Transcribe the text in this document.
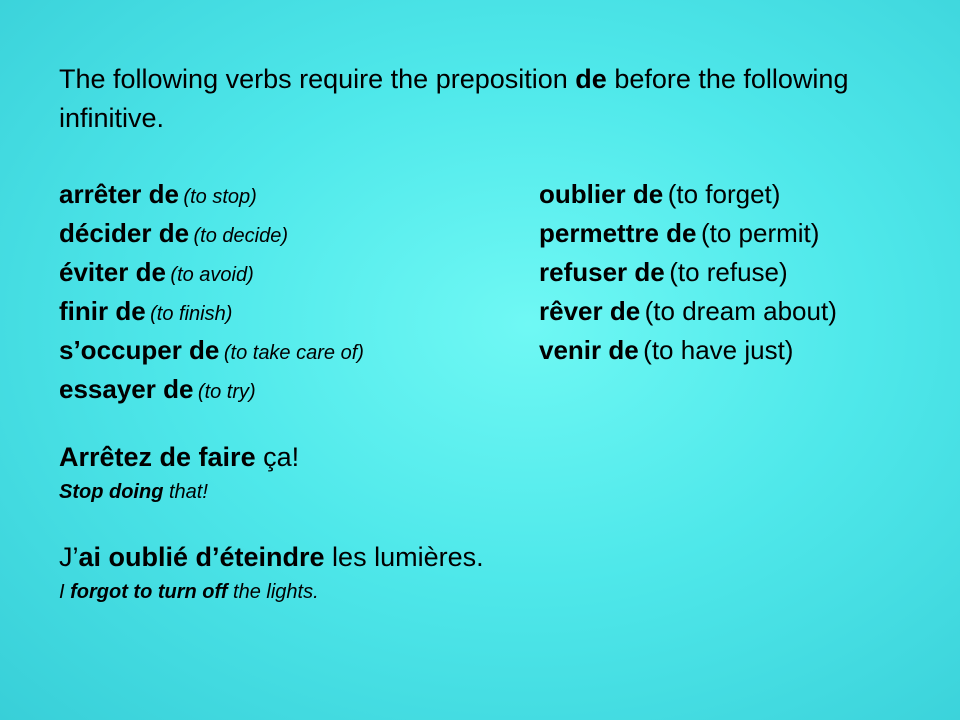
The following verbs require the preposition de before the following infinitive.
arrêter de (to stop)
décider de (to decide)
éviter de (to avoid)
finir de (to finish)
s’occuper de (to take care of)
essayer de (to try)
oublier de (to forget)
permettre de (to permit)
refuser de (to refuse)
rêver de (to dream about)
venir de (to have just)
Arrêtez de faire ça!
Stop doing that!
J’ai oublié d’éteindre les lumières.
I forgot to turn off the lights.
